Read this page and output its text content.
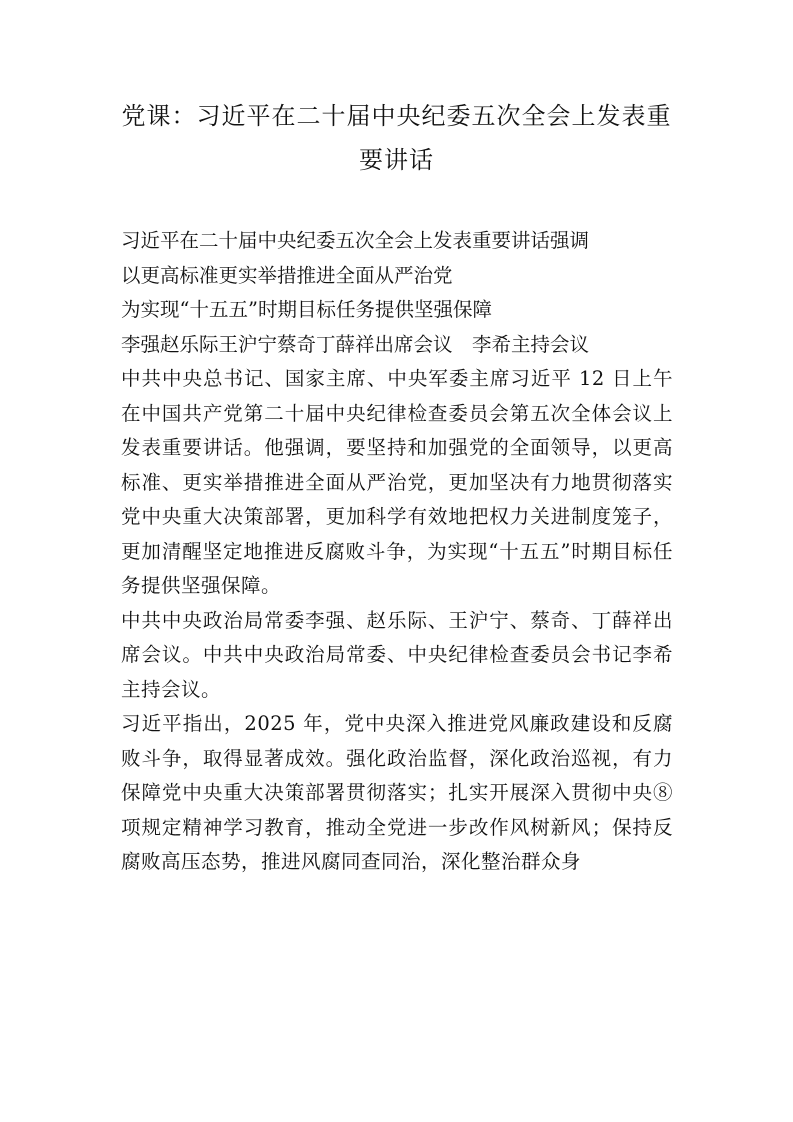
党课：习近平在二十届中央纪委五次全会上发表重要讲话

习近平在二十届中央纪委五次全会上发表重要讲话强调

以更高标准更实举措推进全面从严治党

为实现“十五五”时期目标任务提供坚强保障

李强赵乐际王沪宁蔡奇丁薛祥出席会议　李希主持会议

中共中央总书记、国家主席、中央军委主席习近平 12 日上午在中国共产党第二十届中央纪律检查委员会第五次全体会议上发表重要讲话。他强调，要坚持和加强党的全面领导，以更高标准、更实举措推进全面从严治党，更加坚决有力地贯彻落实党中央重大决策部署，更加科学有效地把权力关进制度笼子，更加清醒坚定地推进反腐败斗争，为实现“十五五”时期目标任务提供坚强保障。

中共中央政治局常委李强、赵乐际、王沪宁、蔡奇、丁薛祥出席会议。中共中央政治局常委、中央纪律检查委员会书记李希主持会议。

习近平指出，2025 年，党中央深入推进党风廉政建设和反腐败斗争，取得显著成效。强化政治监督，深化政治巡视，有力保障党中央重大决策部署贯彻落实；扎实开展深入贯彻中央⑧项规定精神学习教育，推动全党进一步改作风树新风；保持反腐败高压态势，推进风腐同查同治，深化整治群众身
